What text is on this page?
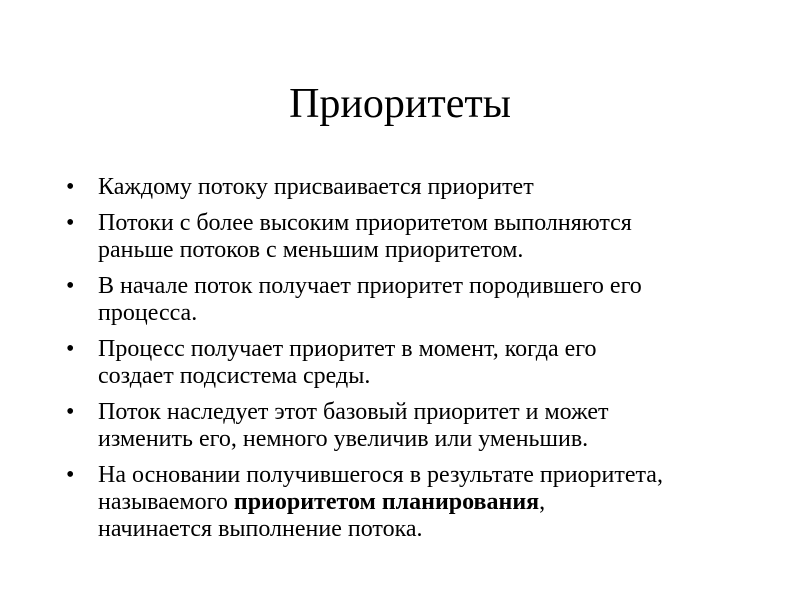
Приоритеты
• Каждому потоку присваивается приоритет
• Потоки с более высоким приоритетом выполняются
раньше потоков с меньшим приоритетом.
• В начале поток получает приоритет породившего его
процесса.
• Процесс получает приоритет в момент, когда его
создает подсистема среды.
• Поток наследует этот базовый приоритет и может
изменить его, немного увеличив или уменьшив.
• На основании получившегося в результате приоритета,
называемого приоритетом планирования,
начинается выполнение потока.
